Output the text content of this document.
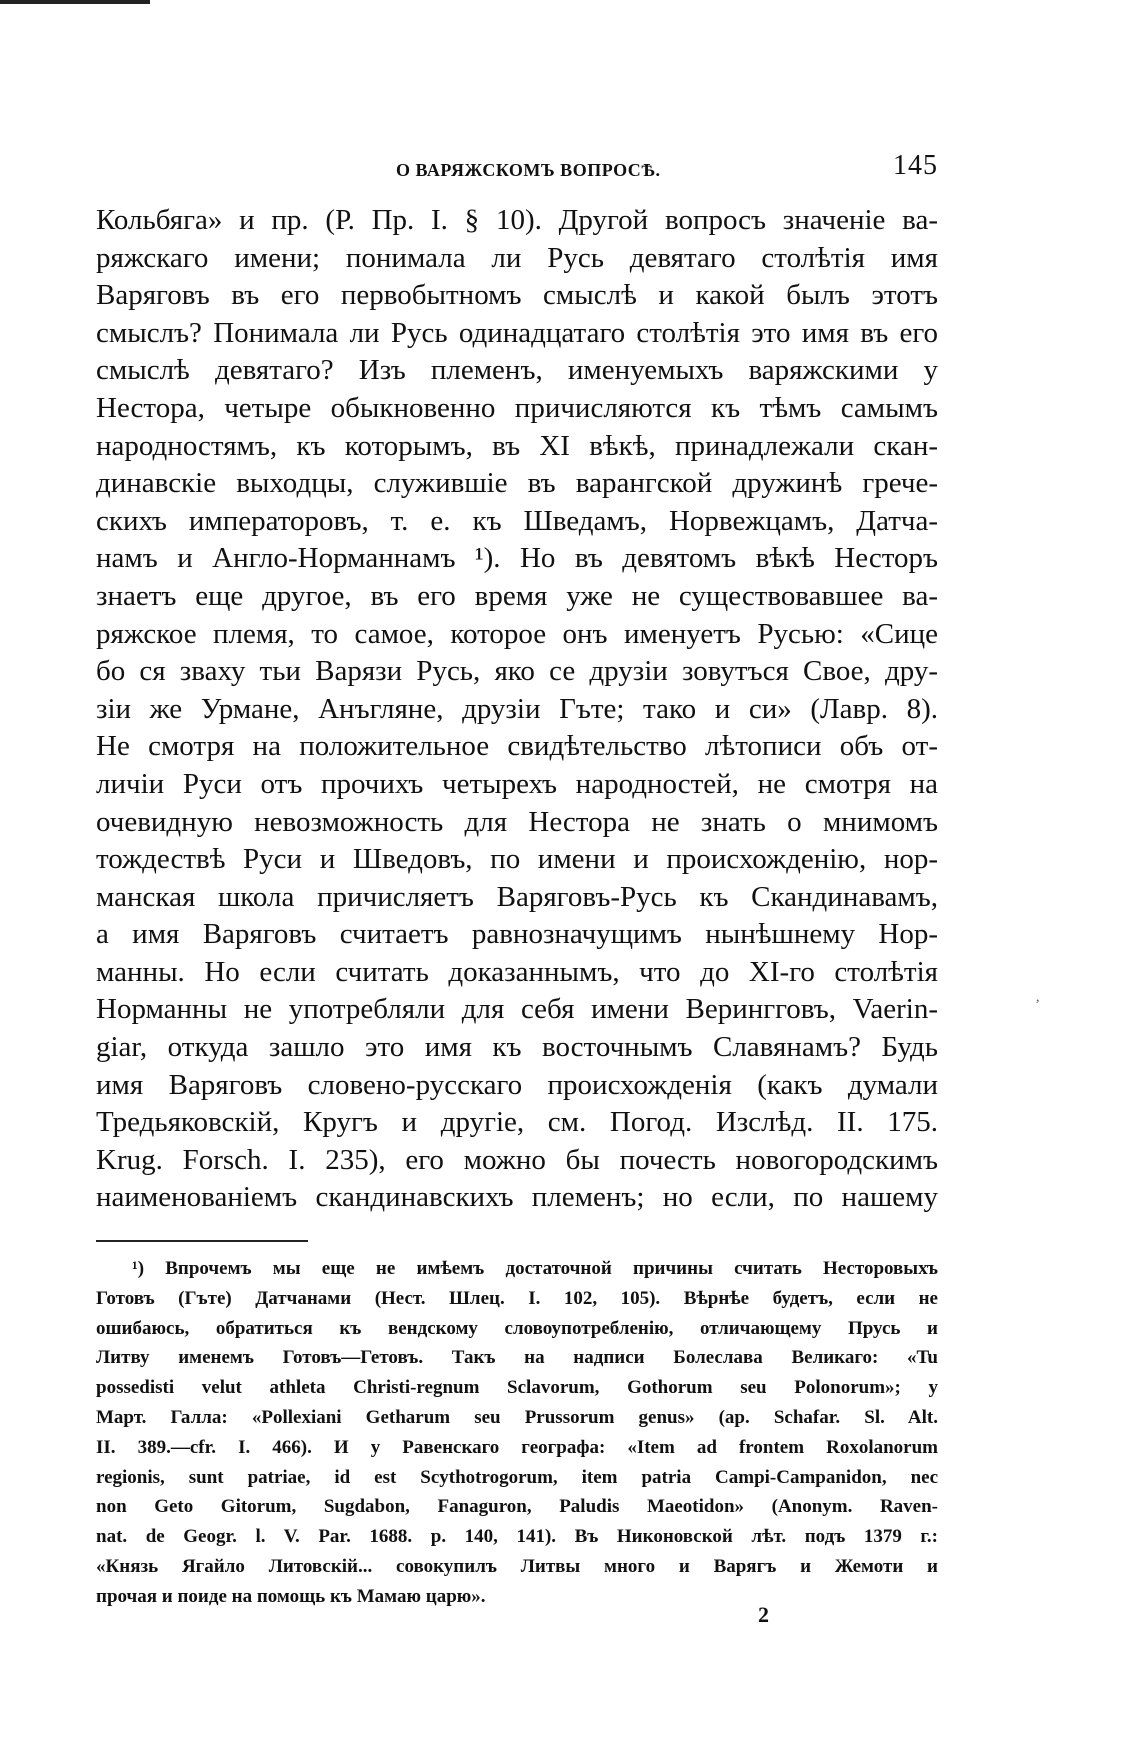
О ВАРЯЖСКОМЪ ВОПРОСѢ.	145
Кольбяга» и пр. (Р. Пр. I. § 10). Другой вопросъ значеніе ва-
ряжскаго имени; понимала ли Русь девятаго столѣтія имя
Варяговъ въ его первобытномъ смыслѣ и какой былъ этотъ
смыслъ? Понимала ли Русь одинадцатаго столѣтія это имя въ его
смыслѣ девятаго? Изъ племенъ, именуемыхъ варяжскими у
Нестора, четыре обыкновенно причисляются къ тѣмъ самымъ
народностямъ, къ которымъ, въ XI вѣкѣ, принадлежали скан-
динавскіе выходцы, служившіе въ варангской дружинѣ грече-
скихъ императоровъ, т. е. къ Шведамъ, Норвежцамъ, Датча-
намъ и Англо-Норманнамъ ¹). Но въ девятомъ вѣкѣ Несторъ
знаетъ еще другое, въ его время уже не существовавшее ва-
ряжское племя, то самое, которое онъ именуетъ Русью: «Сице
бо ся зваху тьи Варязи Русь, яко се друзіи зовутъся Свое, дру-
зіи же Урмане, Анъгляне, друзіи Гъте; тако и си» (Лавр. 8).
Не смотря на положительное свидѣтельство лѣтописи объ от-
личіи Руси отъ прочихъ четырехъ народностей, не смотря на
очевидную невозможность для Нестора не знать о мнимомъ
тождествѣ Руси и Шведовъ, по имени и происхожденію, нор-
манская школа причисляетъ Варяговъ-Русь къ Скандинавамъ,
а имя Варяговъ считаетъ равнозначущимъ нынѣшнему Нор-
манны. Но если считать доказаннымъ, что до XI-го столѣтія
Норманны не употребляли для себя имени Верингговъ, Vaerin-
giar, откуда зашло это имя къ восточнымъ Славянамъ? Будь
имя Варяговъ словено-русскаго происхожденія (какъ думали
Тредьяковскій, Кругъ и другіе, см. Погод. Изслѣд. II. 175.
Krug. Forsch. I. 235), его можно бы почесть новогородскимъ
наименованіемъ скандинавскихъ племенъ; но если, по нашему
¹) Впрочемъ мы еще не имѣемъ достаточной причины считать Несторовыхъ
Готовъ (Гъте) Датчанами (Нест. Шлец. I. 102, 105). Вѣрнѣе будетъ, если не
ошибаюсь, обратиться къ вендскому словоупотребленію, отличающему Прусь и
Литву именемъ Готовъ—Гетовъ. Такъ на надписи Болеслава Великаго: «Tu
possedisti velut athleta Christi-regnum Sclavorum, Gothorum seu Polonorum»; у
Март. Галла: «Pollexiani Getharum seu Prussorum genus» (ap. Schafar. Sl. Alt.
II. 389.—cfr. I. 466). И у Равенскаго географа: «Item ad frontem Roxolanorum
regionis, sunt patriae, id est Scythotrogorum, item patria Campi-Campanidon, nec
non Geto Gitorum, Sugdabon, Fanaguron, Paludis Maeotidon» (Anonym. Raven-
nat. de Geogr. l. V. Par. 1688. p. 140, 141). Въ Никоновской лѣт. подъ 1379 г.:
«Князь Ягайло Литовскій... совокупилъ Литвы много и Варягъ и Жемоти и
прочая и поиде на помощь къ Мамаю царю».
2
,
